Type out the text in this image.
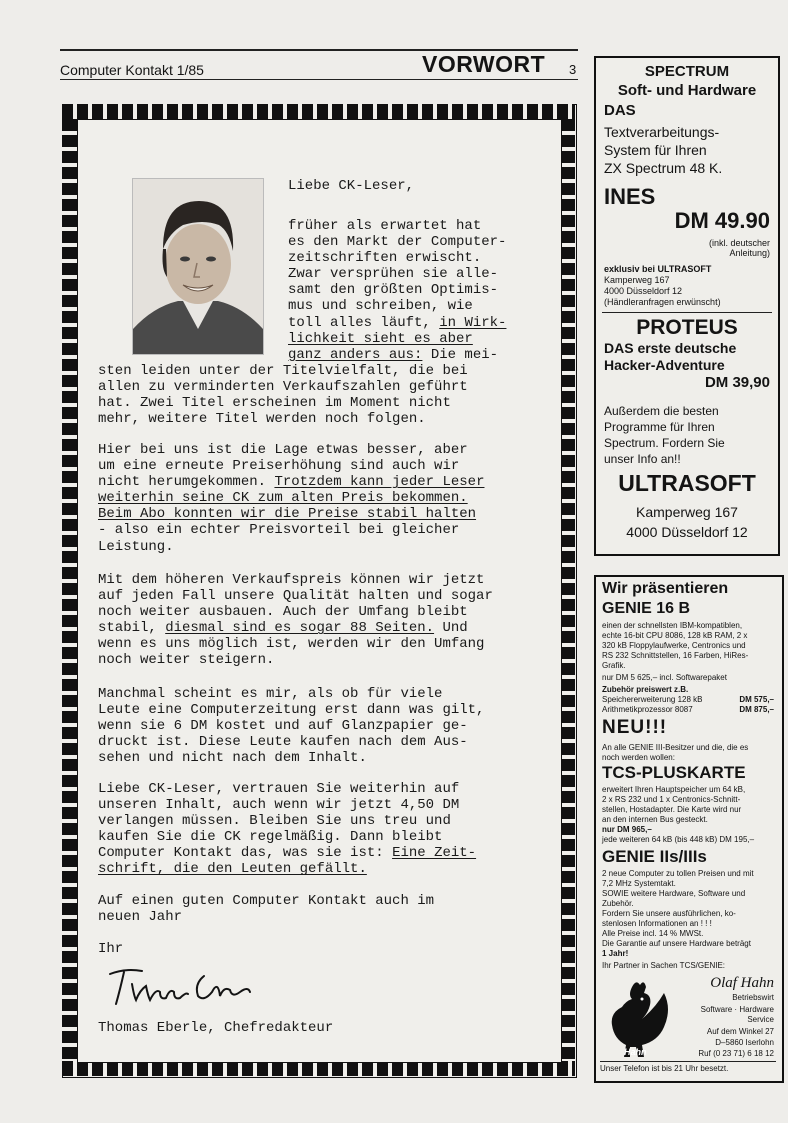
Computer Kontakt 1/85	VORWORT 3
Liebe CK-Leser,
früher als erwartet hat
es den Markt der Computer-
zeitschriften erwischt.
Zwar versprühen sie alle-
samt den größten Optimis-
mus und schreiben, wie
toll alles läuft, in Wirk-
lichkeit sieht es aber
ganz anders aus: Die mei-
sten leiden unter der Titelvielfalt, die bei
allen zu verminderten Verkaufszahlen geführt
hat. Zwei Titel erscheinen im Moment nicht
mehr, weitere Titel werden noch folgen.
Hier bei uns ist die Lage etwas besser, aber
um eine erneute Preiserhöhung sind auch wir
nicht herumgekommen. Trotzdem kann jeder Leser
weiterhin seine CK zum alten Preis bekommen.
Beim Abo konnten wir die Preise stabil halten
- also ein echter Preisvorteil bei gleicher
Leistung.
Mit dem höheren Verkaufspreis können wir jetzt
auf jeden Fall unsere Qualität halten und sogar
noch weiter ausbauen. Auch der Umfang bleibt
stabil, diesmal sind es sogar 88 Seiten. Und
wenn es uns möglich ist, werden wir den Umfang
noch weiter steigern.
Manchmal scheint es mir, als ob für viele
Leute eine Computerzeitung erst dann was gilt,
wenn sie 6 DM kostet und auf Glanzpapier ge-
druckt ist. Diese Leute kaufen nach dem Aus-
sehen und nicht nach dem Inhalt.
Liebe CK-Leser, vertrauen Sie weiterhin auf
unseren Inhalt, auch wenn wir jetzt 4,50 DM
verlangen müssen. Bleiben Sie uns treu und
kaufen Sie die CK regelmäßig. Dann bleibt
Computer Kontakt das, was sie ist: Eine Zeit-
schrift, die den Leuten gefällt.
Auf einen guten Computer Kontakt auch im
neuen Jahr
Ihr
Thomas Eberle, Chefredakteur
SPECTRUM
Soft- und Hardware
DAS
Textverarbeitungs-
System für Ihren
ZX Spectrum 48 K.
INES
DM 49.90
(inkl. deutscher
Anleitung)
exklusiv bei ULTRASOFT
Kamperweg 167
4000 Düsseldorf 12
(Händleranfragen erwünscht)
PROTEUS
DAS erste deutsche
Hacker-Adventure
DM 39,90
Außerdem die besten
Programme für Ihren
Spectrum. Fordern Sie
unser Info an!!
ULTRASOFT
Kamperweg 167
4000 Düsseldorf 12
Wir präsentieren
GENIE 16 B
einen der schnellsten IBM-kompatiblen,
echte 16-bit CPU 8086, 128 kB RAM, 2 x
320 kB Floppylaufwerke, Centronics und
RS 232 Schnittstellen, 16 Farben, HiRes-
Grafik.
nur DM 5 625,– incl. Softwarepaket
Zubehör preiswert z.B.
Speichererweiterung 128 kB	DM 575,–
Arithmetikprozessor 8087	DM 875,–
NEU!!!
An alle GENIE III-Besitzer und die, die es
noch werden wollen:
TCS-PLUSKARTE
erweitert Ihren Hauptspeicher um 64 kB,
2 x RS 232 und 1 x Centronics-Schnitt-
stellen, Hostadapter. Die Karte wird nur
an den internen Bus gesteckt.
nur DM 965,–
jede weiteren 64 kB (bis 448 kB) DM 195,–
GENIE IIs/IIIs
2 neue Computer zu tollen Preisen und mit
7,2 MHz Systemtakt.
SOWIE weitere Hardware, Software und
Zubehör.
Fordern Sie unsere ausführlichen, ko-
stenlosen Informationen an ! ! !
Alle Preise incl. 14 % MWSt.
Die Garantie auf unsere Hardware beträgt
1 Jahr!
Ihr Partner in Sachen TCS/GENIE:
Hahn
Olaf Hahn
Betriebswirt
Software · Hardware
Service
Auf dem Winkel 27
D–5860 Iserlohn
Ruf (0 23 71) 6 18 12
Unser Telefon ist bis 21 Uhr besetzt.
